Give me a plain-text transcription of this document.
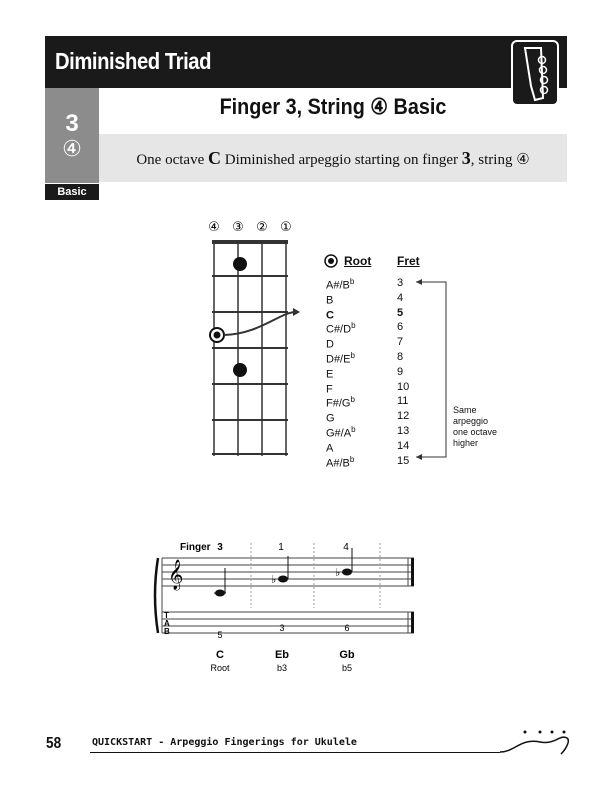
Diminished Triad
3
④
Basic
Finger 3, String ④ Basic
One octave C Diminished arpeggio starting on finger 3, string ④
④ ③ ② ①
Root Fret
$A\#/B^b$	3
B	4
C	5
$C\#/D^b$	6
D	7
$D\#/E^b$	8
E	9
F	10
$F\#/G^b$	11
G	12
$G\#/A^b$	13
A	14
$A\#/B^b$	15
Same arpeggio one octave higher
Finger 3	1	4
𝄞
T
A
B
♭
♭
5
3	6
C	Eb	Gb
Root	b3	b5
58	QUICKSTART - Arpeggio Fingerings for Ukulele
